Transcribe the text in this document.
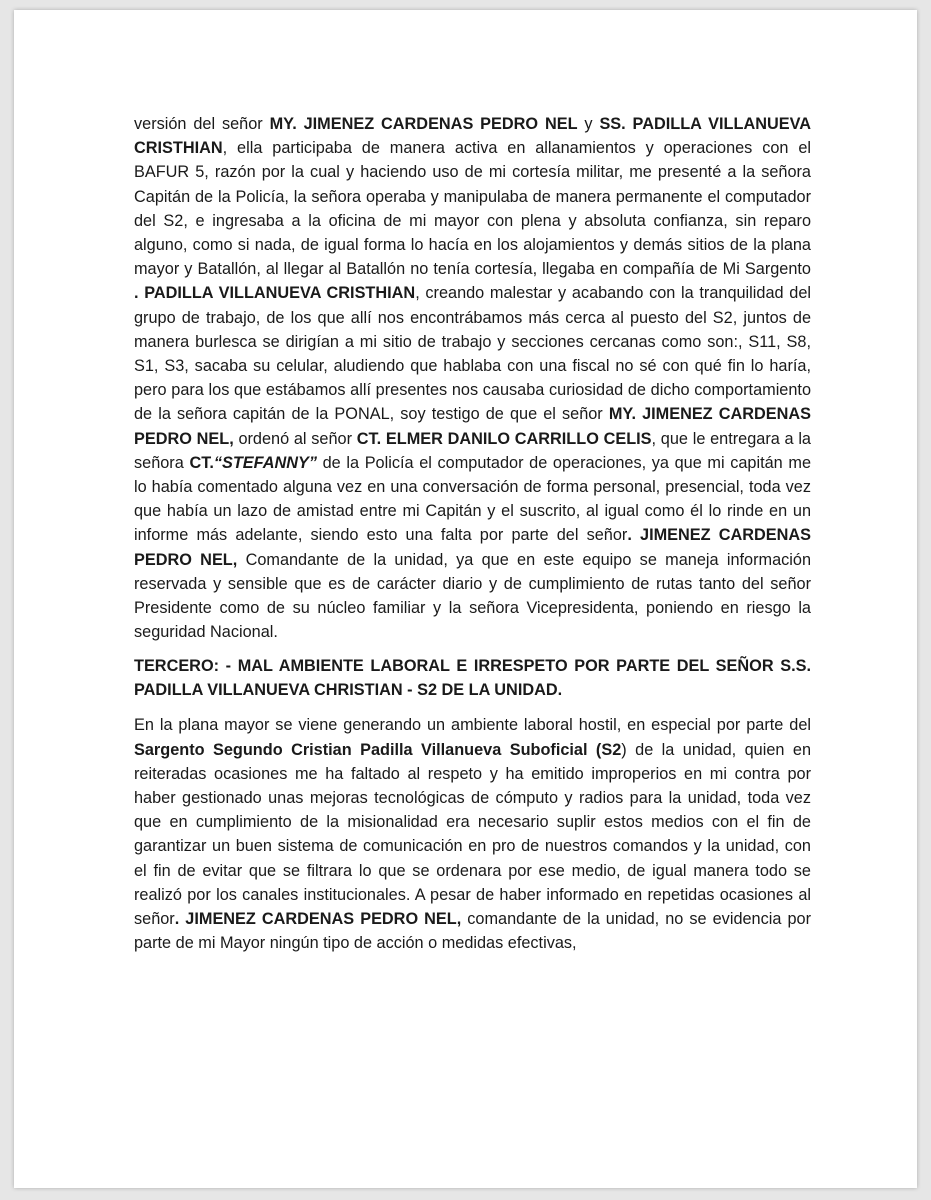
versión del señor MY. JIMENEZ CARDENAS PEDRO NEL y SS. PADILLA VILLANUEVA CRISTHIAN, ella participaba de manera activa en allanamientos y operaciones con el BAFUR 5, razón por la cual y haciendo uso de mi cortesía militar, me presenté a la señora Capitán de la Policía, la señora operaba y manipulaba de manera permanente el computador del S2, e ingresaba a la oficina de mi mayor con plena y absoluta confianza, sin reparo alguno, como si nada, de igual forma lo hacía en los alojamientos y demás sitios de la plana mayor y Batallón, al llegar al Batallón no tenía cortesía, llegaba en compañía de Mi Sargento . PADILLA VILLANUEVA CRISTHIAN, creando malestar y acabando con la tranquilidad del grupo de trabajo, de los que allí nos encontrábamos más cerca al puesto del S2, juntos de manera burlesca se dirigían a mi sitio de trabajo y secciones cercanas como son:, S11, S8, S1, S3, sacaba su celular, aludiendo que hablaba con una fiscal no sé con qué fin lo haría, pero para los que estábamos allí presentes nos causaba curiosidad de dicho comportamiento de la señora capitán de la PONAL, soy testigo de que el señor MY. JIMENEZ CARDENAS PEDRO NEL, ordenó al señor CT. ELMER DANILO CARRILLO CELIS, que le entregara a la señora CT.“STEFANNY” de la Policía el computador de operaciones, ya que mi capitán me lo había comentado alguna vez en una conversación de forma personal, presencial, toda vez que había un lazo de amistad entre mi Capitán y el suscrito, al igual como él lo rinde en un informe más adelante, siendo esto una falta por parte del señor. JIMENEZ CARDENAS PEDRO NEL, Comandante de la unidad, ya que en este equipo se maneja información reservada y sensible que es de carácter diario y de cumplimiento de rutas tanto del señor Presidente como de su núcleo familiar y la señora Vicepresidenta, poniendo en riesgo la seguridad Nacional.

TERCERO: - MAL AMBIENTE LABORAL E IRRESPETO POR PARTE DEL SEÑOR S.S. PADILLA VILLANUEVA CHRISTIAN - S2 DE LA UNIDAD.

En la plana mayor se viene generando un ambiente laboral hostil, en especial por parte del Sargento Segundo Cristian Padilla Villanueva Suboficial (S2) de la unidad, quien en reiteradas ocasiones me ha faltado al respeto y ha emitido improperios en mi contra por haber gestionado unas mejoras tecnológicas de cómputo y radios para la unidad, toda vez que en cumplimiento de la misionalidad era necesario suplir estos medios con el fin de garantizar un buen sistema de comunicación en pro de nuestros comandos y la unidad, con el fin de evitar que se filtrara lo que se ordenara por ese medio, de igual manera todo se realizó por los canales institucionales. A pesar de haber informado en repetidas ocasiones al señor. JIMENEZ CARDENAS PEDRO NEL, comandante de la unidad, no se evidencia por parte de mi Mayor ningún tipo de acción o medidas efectivas,
